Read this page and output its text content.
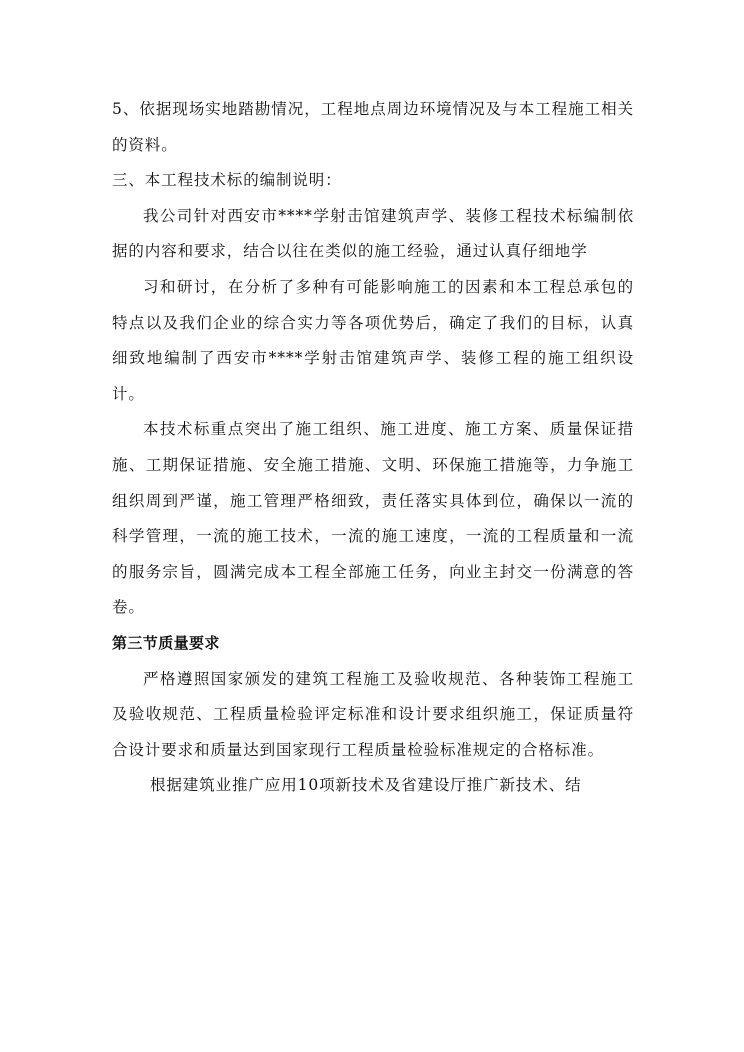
5、依据现场实地踏勘情况，工程地点周边环境情况及与本工程施工相关的资料。

三、本工程技术标的编制说明：

我公司针对西安市****学射击馆建筑声学、装修工程技术标编制依据的内容和要求，结合以往在类似的施工经验，通过认真仔细地学

习和研讨，在分析了多种有可能影响施工的因素和本工程总承包的特点以及我们企业的综合实力等各项优势后，确定了我们的目标，认真细致地编制了西安市****学射击馆建筑声学、装修工程的施工组织设计。

本技术标重点突出了施工组织、施工进度、施工方案、质量保证措施、工期保证措施、安全施工措施、文明、环保施工措施等，力争施工组织周到严谨，施工管理严格细致，责任落实具体到位，确保以一流的科学管理，一流的施工技术，一流的施工速度，一流的工程质量和一流的服务宗旨，圆满完成本工程全部施工任务，向业主封交一份满意的答卷。

第三节质量要求

严格遵照国家颁发的建筑工程施工及验收规范、各种装饰工程施工及验收规范、工程质量检验评定标准和设计要求组织施工，保证质量符合设计要求和质量达到国家现行工程质量检验标准规定的合格标准。

根据建筑业推广应用10项新技术及省建设厅推广新技术、结
